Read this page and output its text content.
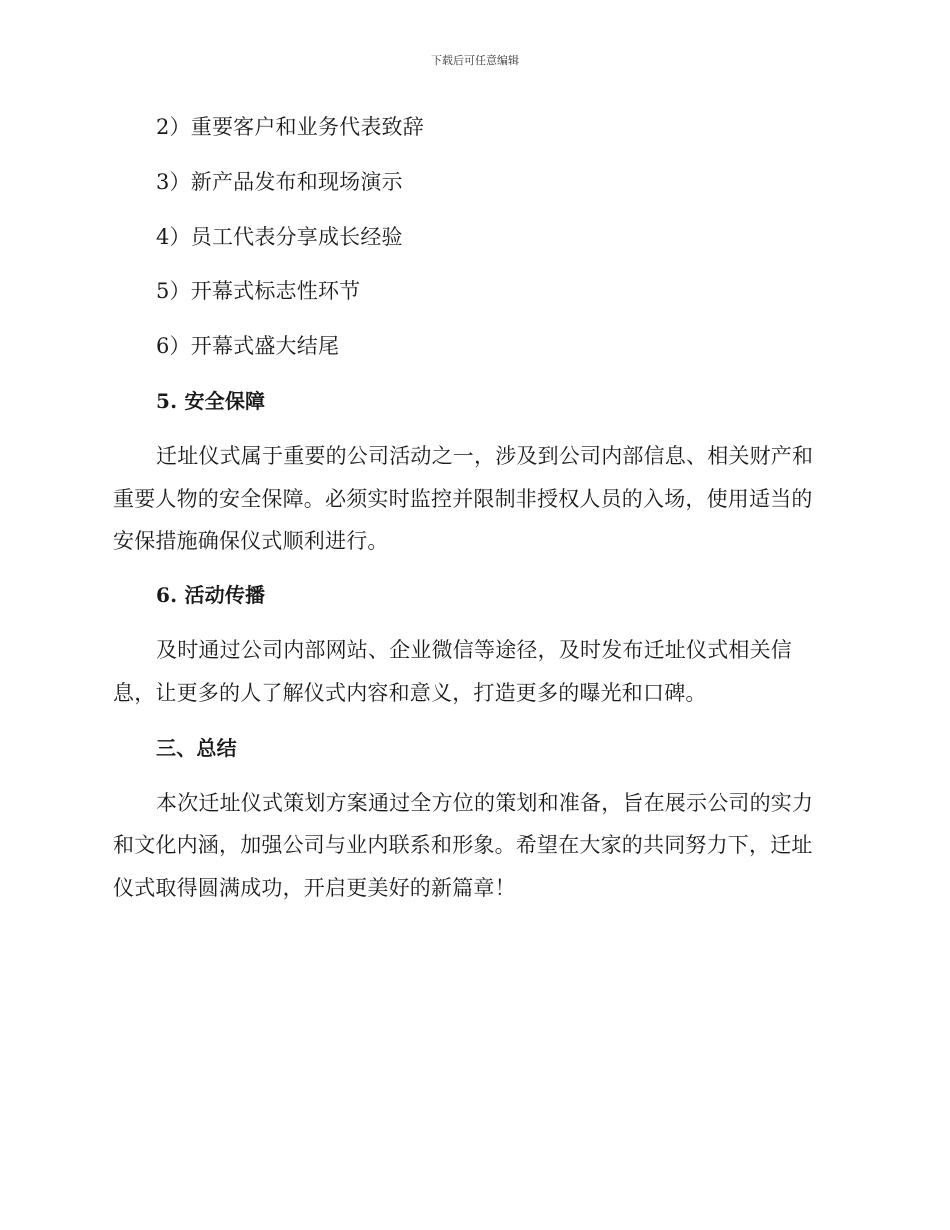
下载后可任意编辑
2）重要客户和业务代表致辞
3）新产品发布和现场演示
4）员工代表分享成长经验
5）开幕式标志性环节
6）开幕式盛大结尾
5. 安全保障
迁址仪式属于重要的公司活动之一，涉及到公司内部信息、相关财产和
重要人物的安全保障。必须实时监控并限制非授权人员的入场，使用适当的
安保措施确保仪式顺利进行。
6. 活动传播
及时通过公司内部网站、企业微信等途径，及时发布迁址仪式相关信
息，让更多的人了解仪式内容和意义，打造更多的曝光和口碑。
三、总结
本次迁址仪式策划方案通过全方位的策划和准备，旨在展示公司的实力
和文化内涵，加强公司与业内联系和形象。希望在大家的共同努力下，迁址
仪式取得圆满成功，开启更美好的新篇章！
